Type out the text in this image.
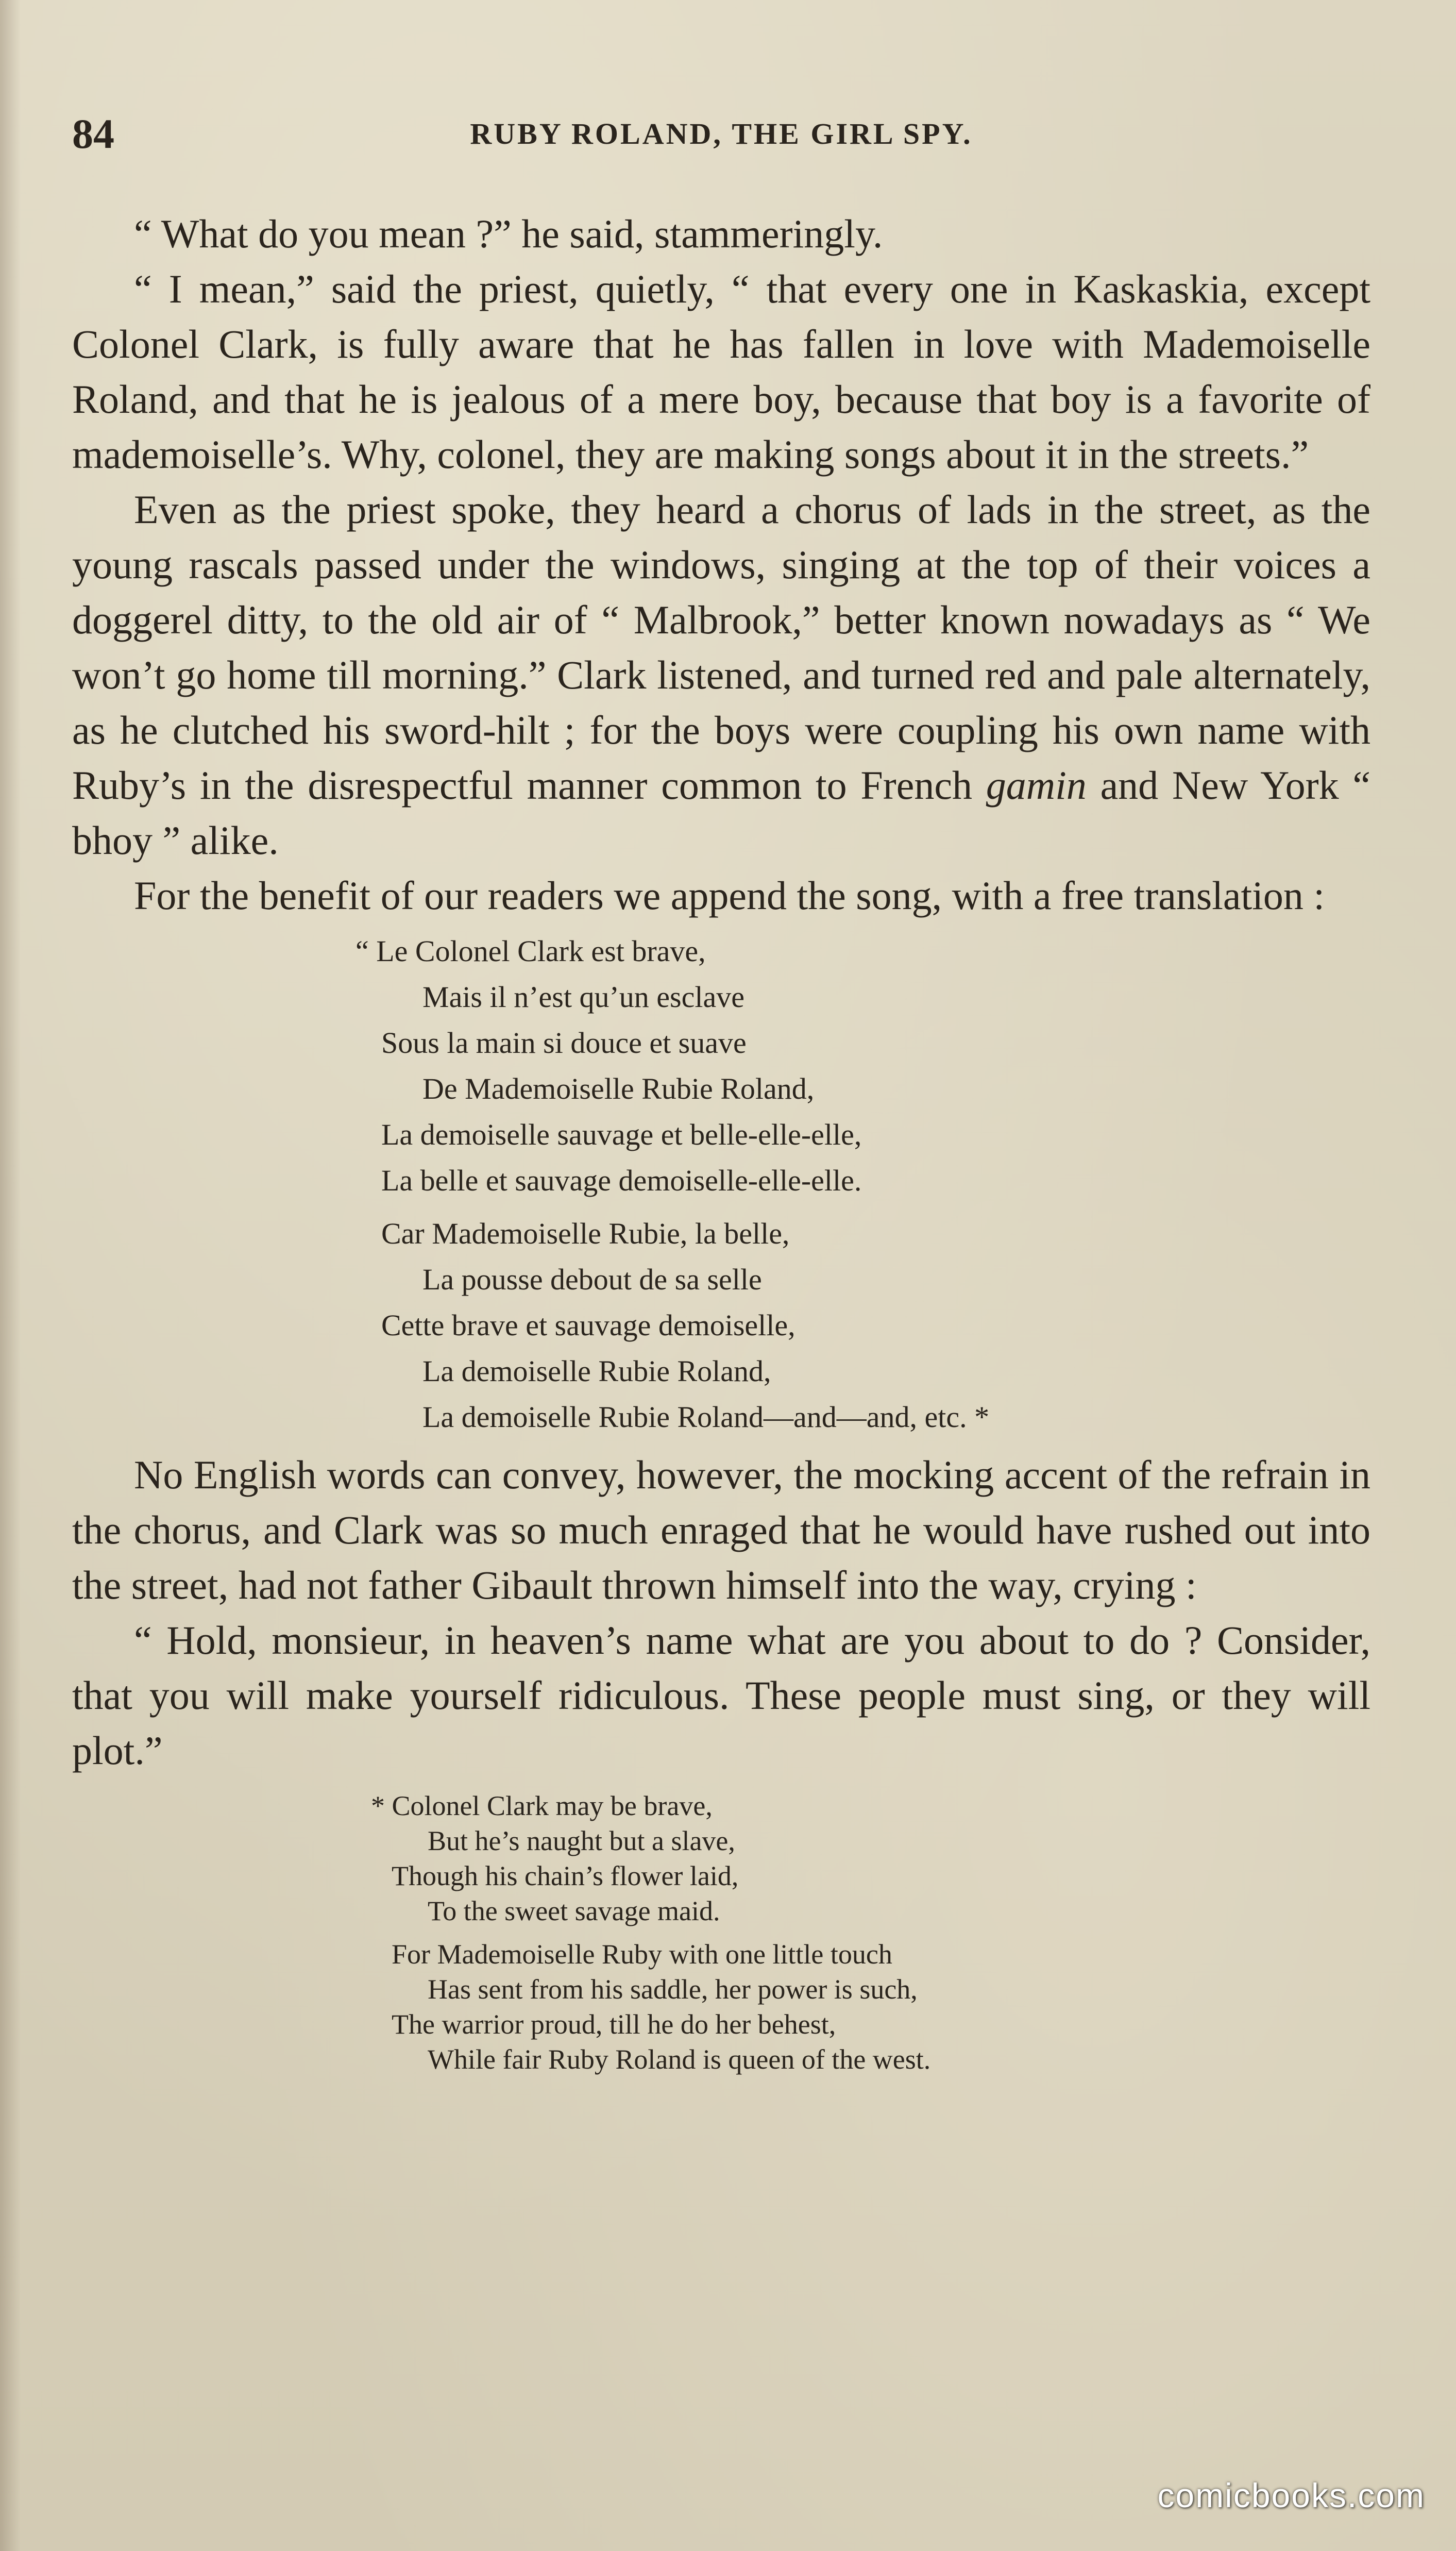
84	RUBY ROLAND, THE GIRL SPY.

“ What do you mean ?” he said, stammeringly.

“ I mean,” said the priest, quietly, “ that every one in Kaskaskia, except Colonel Clark, is fully aware that he has fallen in love with Mademoiselle Roland, and that he is jealous of a mere boy, because that boy is a favorite of mademoiselle’s. Why, colonel, they are making songs about it in the streets.”

Even as the priest spoke, they heard a chorus of lads in the street, as the young rascals passed under the windows, singing at the top of their voices a doggerel ditty, to the old air of “ Malbrook,” better known nowadays as “ We won’t go home till morning.” Clark listened, and turned red and pale alternately, as he clutched his sword-hilt ; for the boys were coupling his own name with Ruby’s in the disrespectful manner common to French gamin and New York “ bhoy ” alike.

For the benefit of our readers we append the song, with a free translation :

“ Le Colonel Clark est brave,
Mais il n’est qu’un esclave
Sous la main si douce et suave
De Mademoiselle Rubie Roland,
La demoiselle sauvage et belle-elle-elle,
La belle et sauvage demoiselle-elle-elle.
Car Mademoiselle Rubie, la belle,
La pousse debout de sa selle
Cette brave et sauvage demoiselle,
La demoiselle Rubie Roland,
La demoiselle Rubie Roland—and—and, etc. *

No English words can convey, however, the mocking accent of the refrain in the chorus, and Clark was so much enraged that he would have rushed out into the street, had not father Gibault thrown himself into the way, crying :

“ Hold, monsieur, in heaven’s name what are you about to do ? Consider, that you will make yourself ridiculous. These people must sing, or they will plot.”

* Colonel Clark may be brave,
But he’s naught but a slave,
Though his chain’s flower laid,
To the sweet savage maid.
For Mademoiselle Ruby with one little touch
Has sent from his saddle, her power is such,
The warrior proud, till he do her behest,
While fair Ruby Roland is queen of the west.
comicbooks.com
